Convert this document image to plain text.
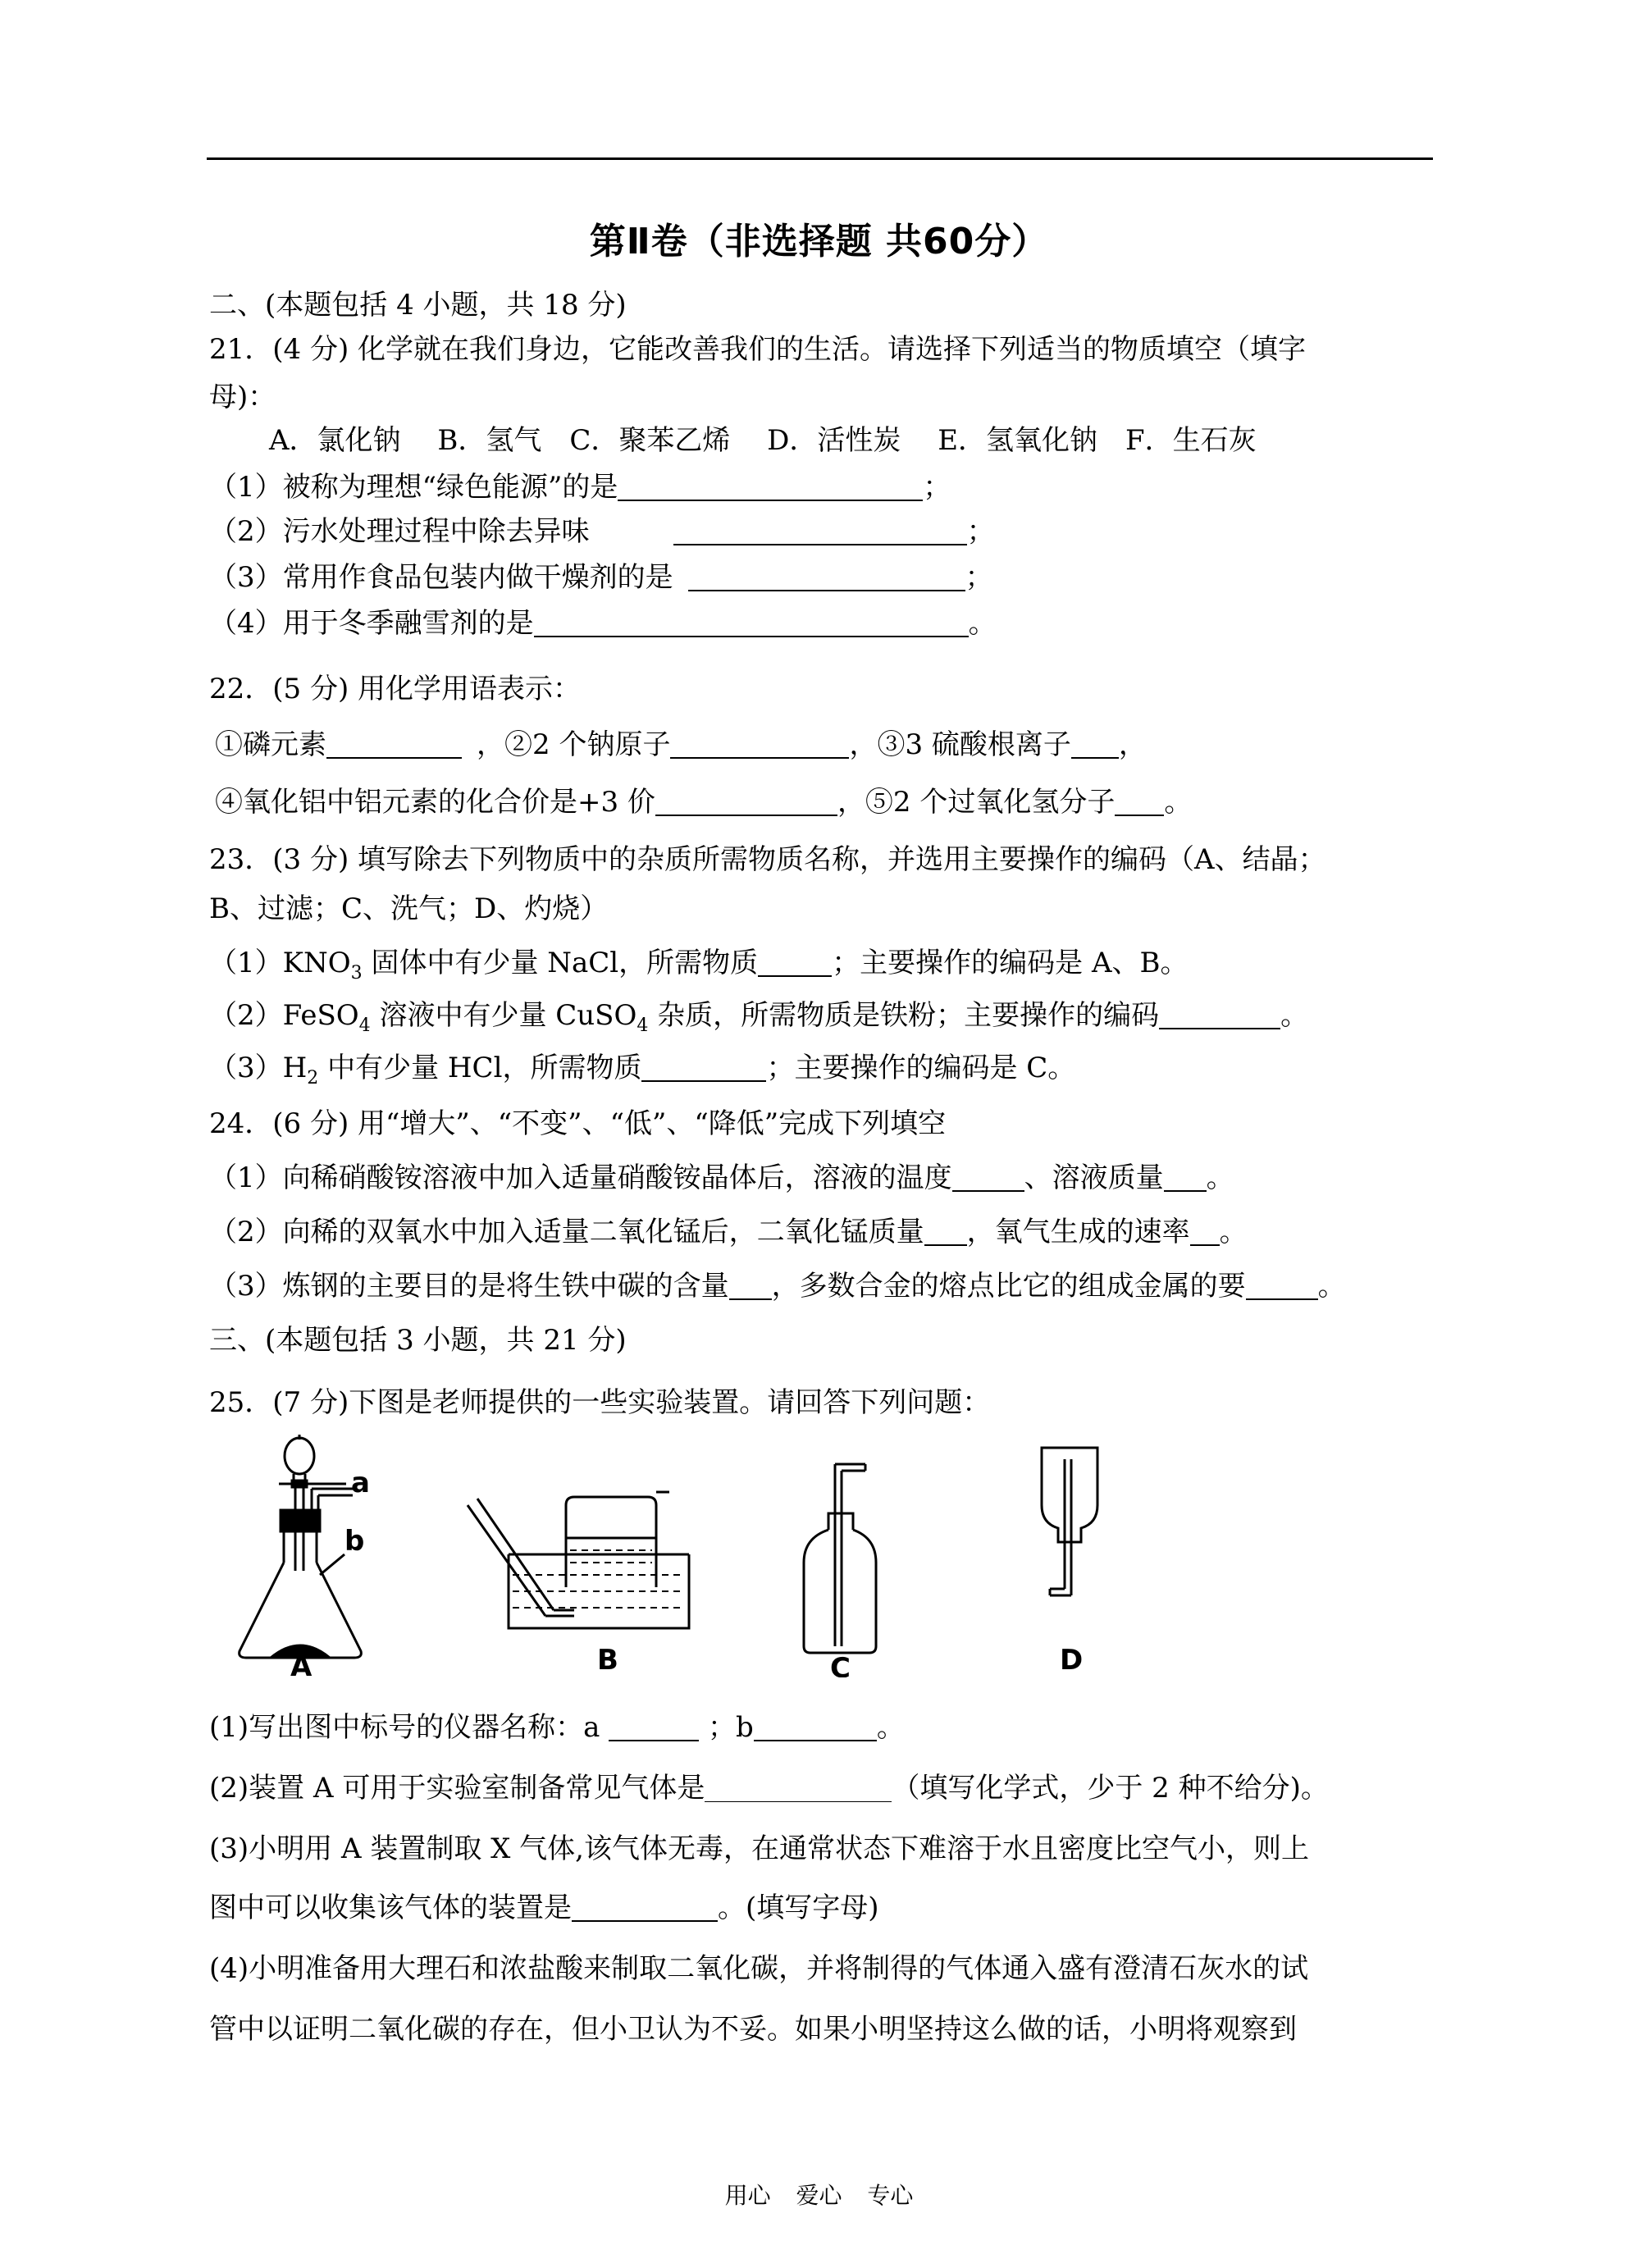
第Ⅱ卷（非选择题 共60分）
二、(本题包括 4 小题，共 18 分)
21．(4 分) 化学就在我们身边，它能改善我们的生活。请选择下列适当的物质填空（填字
母)：
A．氯化钠　 B．氢气　C．聚苯乙烯　 D．活性炭　 E．氢氧化钠　F．生石灰
（1）被称为理想“绿色能源”的是	；
（2）污水处理过程中除去异味	；
（3）常用作食品包装内做干燥剂的是	；
（4）用于冬季融雪剂的是	。
22．(5 分) 用化学用语表示：
①磷元素	，②2 个钠原子	，③3 硫酸根离子 ，
④氧化铝中铝元素的化合价是+3 价	，⑤2 个过氧化氢分子 。
23．(3 分) 填写除去下列物质中的杂质所需物质名称，并选用主要操作的编码（A、结晶；
B、过滤；C、洗气；D、灼烧）
$(1)KNO_3$ 固体中有少量 NaCl，所需物质	；主要操作的编码是 A、B。
（2）FeSO$_4$ 溶液中有少量 CuSO$_4$ 杂质，所需物质是铁粉；主要操作的编码	。
$(3)H_2$ 中有少量 HCl，所需物质	；主要操作的编码是 C。
24．(6 分) 用“增大”、“不变”、“低”、“降低”完成下列填空
（1）向稀硝酸铵溶液中加入适量硝酸铵晶体后，溶液的温度	、溶液质量 。
（2）向稀的双氧水中加入适量二氧化锰后，二氧化锰质量 ，氧气生成的速率 。
（3）炼钢的主要目的是将生铁中碳的含量 ，多数合金的熔点比它的组成金属的要	。
三、(本题包括 3 小题，共 21 分)
25．(7 分)下图是老师提供的一些实验装置。请回答下列问题：
a
b
A	B	C	D
(1)写出图中标号的仪器名称：a	；b	。
(2)装置 A 可用于实验室制备常见气体是	（填写化学式，少于 2 种不给分)。
(3)小明用 A 装置制取 X 气体,该气体无毒，在通常状态下难溶于水且密度比空气小，则上
图中可以收集该气体的装置是	。(填写字母)
(4)小明准备用大理石和浓盐酸来制取二氧化碳，并将制得的气体通入盛有澄清石灰水的试
管中以证明二氧化碳的存在，但小卫认为不妥。如果小明坚持这么做的话，小明将观察到
用心 爱心 专心
